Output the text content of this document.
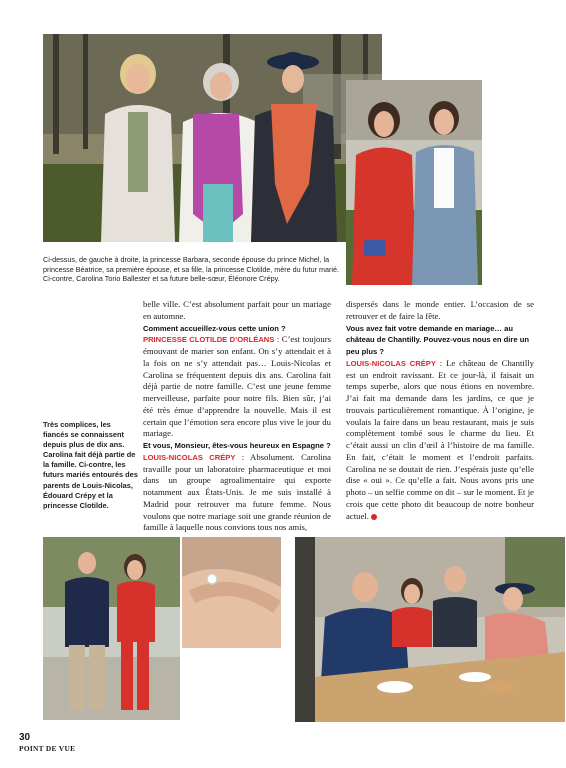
Ci-dessus, de gauche à droite, la princesse Barbara, seconde épouse du prince Michel, la princesse Béatrice, sa première épouse, et sa fille, la princesse Clotilde, mère du futur marié. Ci-contre, Carolina Torio Ballester et sa future belle-sœur, Éléonore Crépy.
Très complices, les fiancés se connaissent depuis plus de dix ans. Carolina fait déjà partie de la famille. Ci-contre, les futurs mariés entourés des parents de Louis-Nicolas, Édouard Crépy et la princesse Clotilde.

belle ville. C’est absolument parfait pour un mariage en automne.

Comment accueillez-vous cette union ?

PRINCESSE CLOTILDE D’ORLÉANS : C’est toujours émouvant de marier son enfant. On s’y attendait et à la fois on ne s’y attendait pas… Louis-Nicolas et Carolina se fréquentent depuis dix ans. Carolina fait déjà partie de notre famille. C’est une jeune femme merveilleuse, parfaite pour notre fils. Bien sûr, j’ai été très émue d’apprendre la nouvelle. Mais il est certain que l’émotion sera encore plus vive le jour du mariage.

Et vous, Monsieur, êtes-vous heureux en Espagne ?

LOUIS-NICOLAS CRÉPY : Absolument. Carolina travaille pour un laboratoire pharmaceutique et moi dans un groupe agroalimentaire qui exporte notamment aux États-Unis. Je me suis installé à Madrid pour retrouver ma future femme. Nous voulons que notre mariage soit une grande réunion de famille à laquelle nous convions tous nos amis,

dispersés dans le monde entier. L’occasion de se retrouver et de faire la fête.

Vous avez fait votre demande en mariage… au château de Chantilly. Pouvez-vous nous en dire un peu plus ?

LOUIS-NICOLAS CRÉPY : Le château de Chantilly est un endroit ravissant. Et ce jour-là, il faisait un temps superbe, alors que nous étions en novembre. J’ai fait ma demande dans les jardins, ce que je trouvais particulièrement romantique. À l’origine, je voulais la faire dans un beau restaurant, mais je suis complètement tombé sous le charme du lieu. Et c’était aussi un clin d’œil à l’histoire de ma famille. En fait, c’était le moment et l’endroit parfaits. Carolina ne se doutait de rien. J’espérais juste qu’elle dise « oui ». Ce qu’elle a fait. Nous avons pris une photo – un selfie comme on dit – sur le moment. Et je crois que cette photo dit beaucoup de notre bonheur actuel.

30
POINT DE VUE
